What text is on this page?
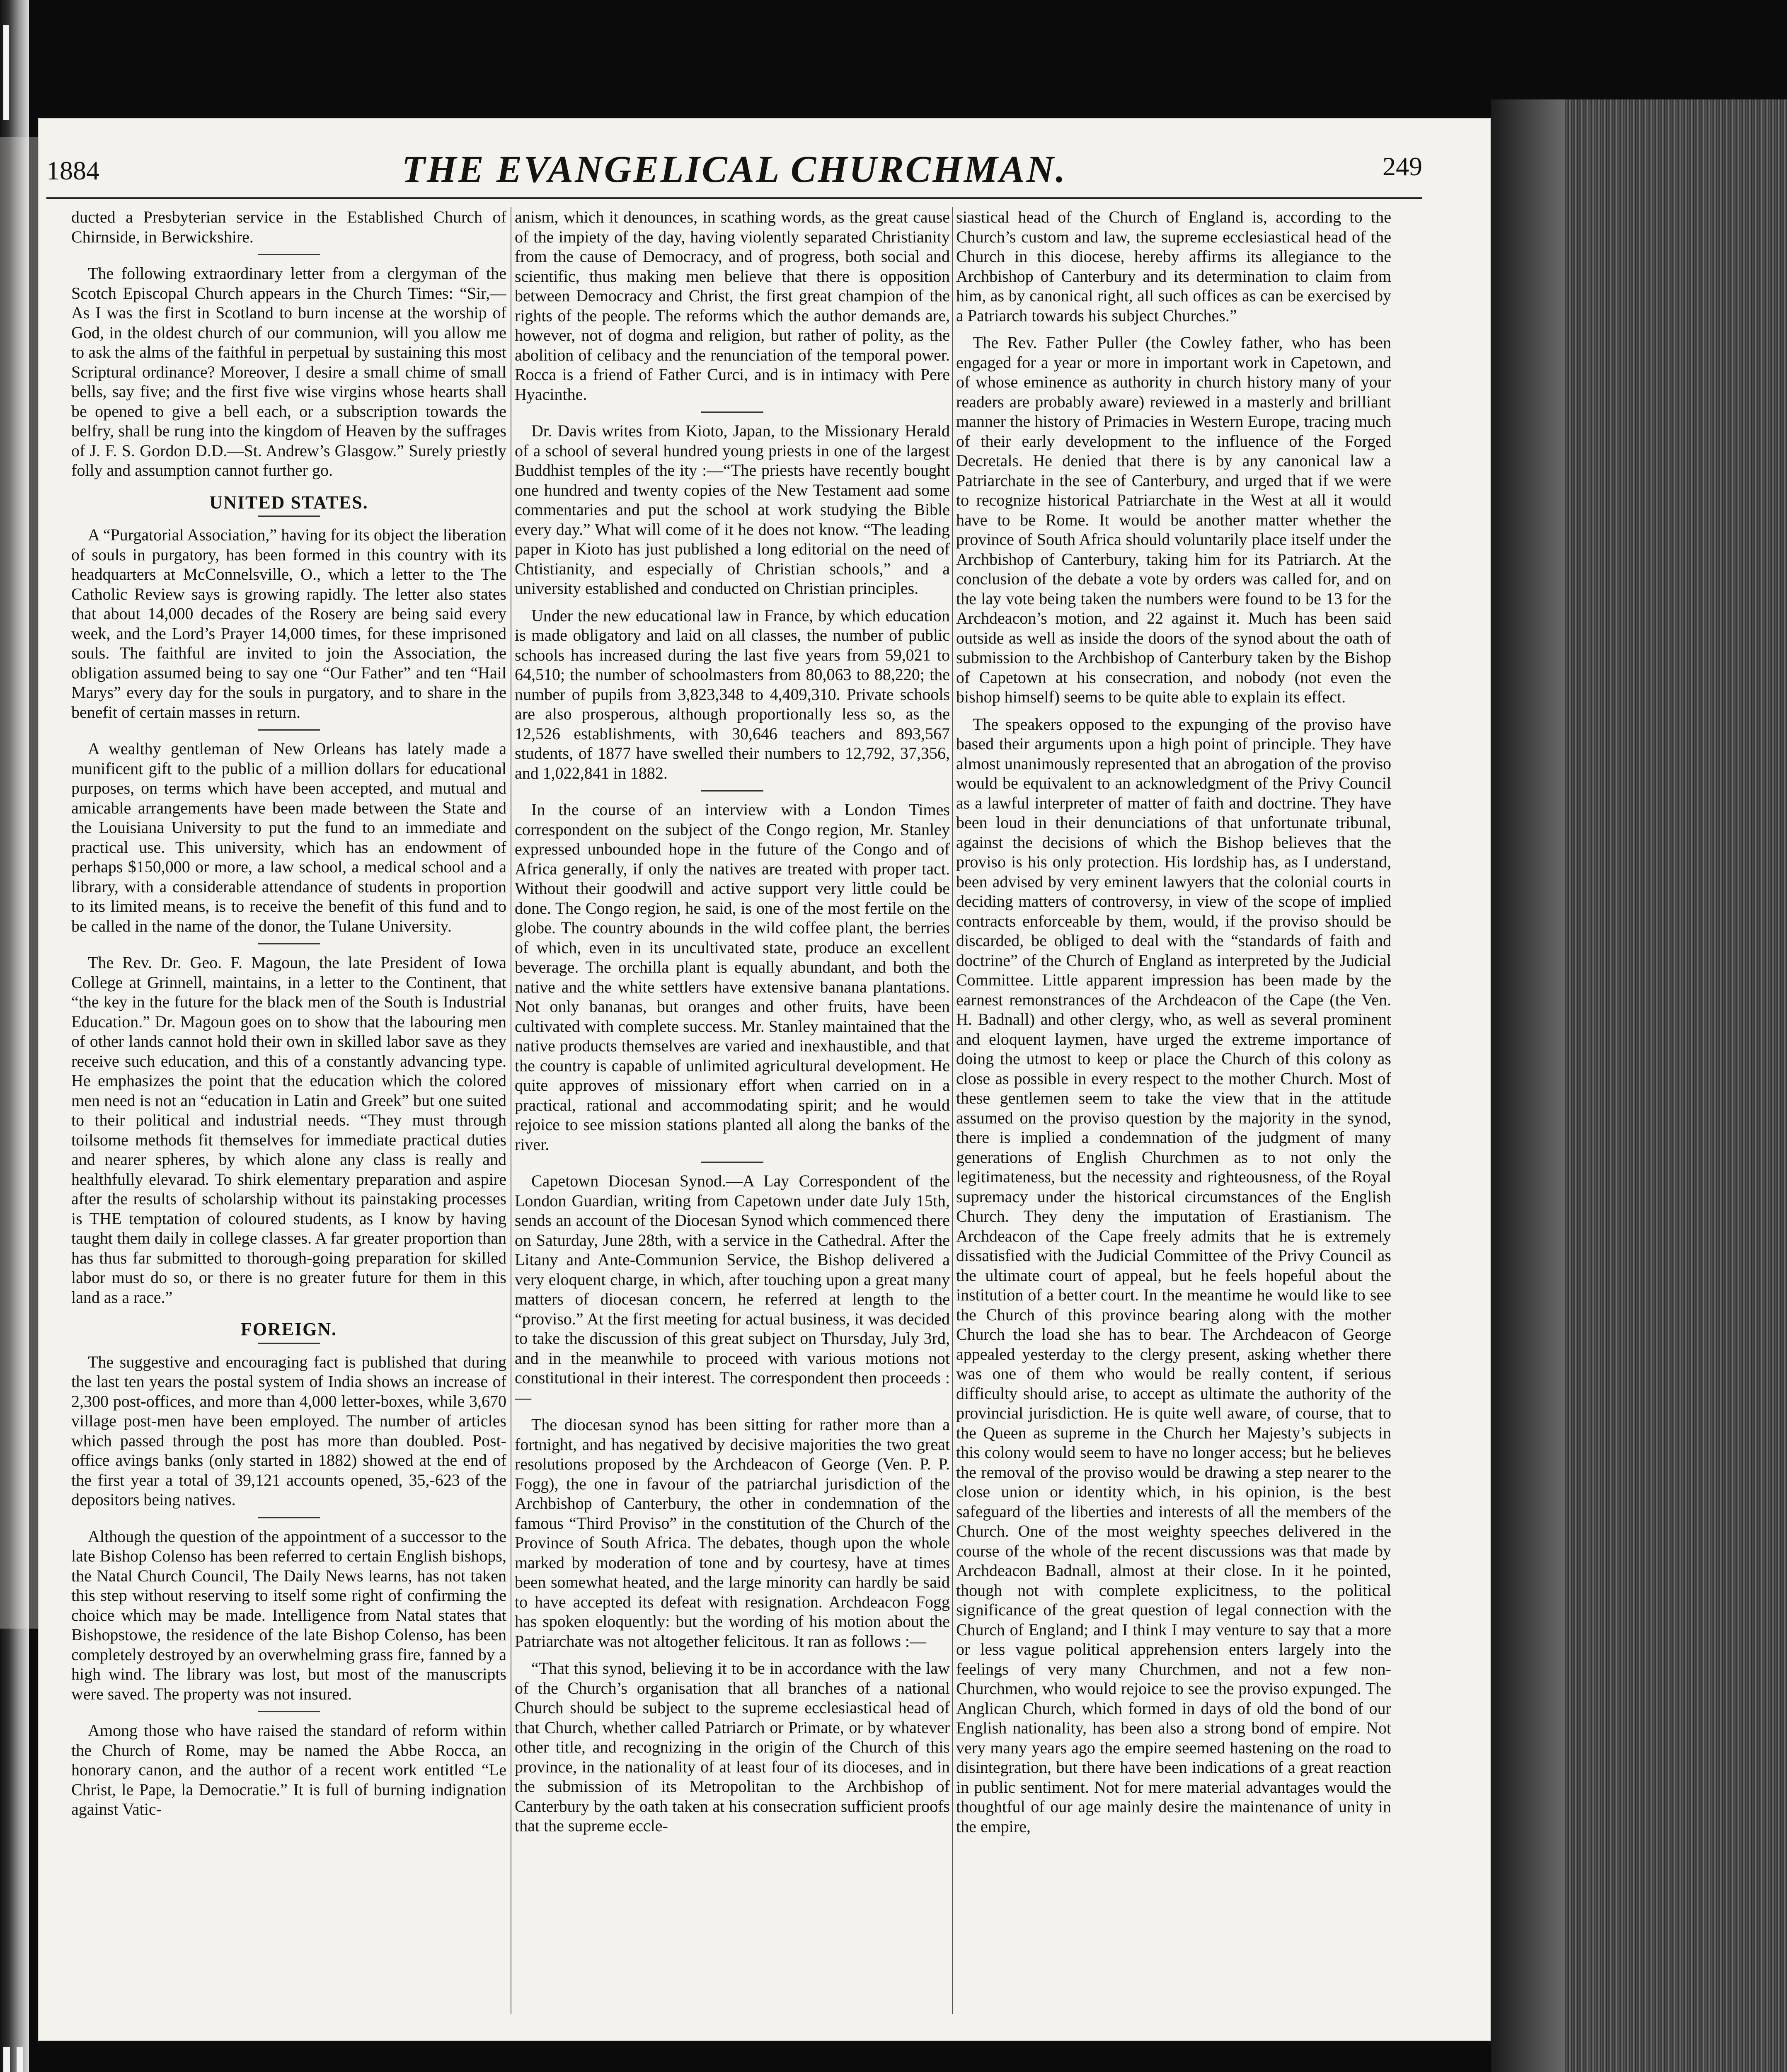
1884	THE EVANGELICAL CHURCHMAN.	249

ducted a Presbyterian service in the Established Church of Chirnside, in Berwickshire.

The following extraordinary letter from a clergyman of the Scotch Episcopal Church appears in the Church Times: “Sir,—As I was the first in Scotland to burn incense at the worship of God, in the oldest church of our communion, will you allow me to ask the alms of the faithful in perpetual by sustaining this most Scriptural ordinance? Moreover, I desire a small chime of small bells, say five; and the first five wise virgins whose hearts shall be opened to give a bell each, or a subscription towards the belfry, shall be rung into the kingdom of Heaven by the suffrages of J. F. S. Gordon D.D.—St. Andrew’s Glasgow.” Surely priestly folly and assumption cannot further go.

UNITED STATES.

A “Purgatorial Association,” having for its object the liberation of souls in purgatory, has been formed in this country with its headquarters at McConnelsville, O., which a letter to the The Catholic Review says is growing rapidly. The letter also states that about 14,000 decades of the Rosery are being said every week, and the Lord’s Prayer 14,000 times, for these imprisoned souls. The faithful are invited to join the Association, the obligation assumed being to say one “Our Father” and ten “Hail Marys” every day for the souls in purgatory, and to share in the benefit of certain masses in return.

A wealthy gentleman of New Orleans has lately made a munificent gift to the public of a million dollars for educational purposes, on terms which have been accepted, and mutual and amicable arrangements have been made between the State and the Louisiana University to put the fund to an immediate and practical use. This university, which has an endowment of perhaps $150,000 or more, a law school, a medical school and a library, with a considerable attendance of students in proportion to its limited means, is to receive the benefit of this fund and to be called in the name of the donor, the Tulane University.

The Rev. Dr. Geo. F. Magoun, the late President of Iowa College at Grinnell, maintains, in a letter to the Continent, that “the key in the future for the black men of the South is Industrial Education.” Dr. Magoun goes on to show that the labouring men of other lands cannot hold their own in skilled labor save as they receive such education, and this of a constantly advancing type. He emphasizes the point that the education which the colored men need is not an “education in Latin and Greek” but one suited to their political and industrial needs. “They must through toilsome methods fit themselves for immediate practical duties and nearer spheres, by which alone any class is really and healthfully elevarad. To shirk elementary preparation and aspire after the results of scholarship without its painstaking processes is THE temptation of coloured students, as I know by having taught them daily in college classes. A far greater proportion than has thus far submitted to thorough-going preparation for skilled labor must do so, or there is no greater future for them in this land as a race.”

FOREIGN.

The suggestive and encouraging fact is published that during the last ten years the postal system of India shows an increase of 2,300 post-offices, and more than 4,000 letter-boxes, while 3,670 village post-men have been employed. The number of articles which passed through the post has more than doubled. Post-office avings banks (only started in 1882) showed at the end of the first year a total of 39,121 accounts opened, 35,-623 of the depositors being natives.

Although the question of the appointment of a successor to the late Bishop Colenso has been referred to certain English bishops, the Natal Church Council, The Daily News learns, has not taken this step without reserving to itself some right of confirming the choice which may be made. Intelligence from Natal states that Bishopstowe, the residence of the late Bishop Colenso, has been completely destroyed by an overwhelming grass fire, fanned by a high wind. The library was lost, but most of the manuscripts were saved. The property was not insured.

Among those who have raised the standard of reform within the Church of Rome, may be named the Abbe Rocca, an honorary canon, and the author of a recent work entitled “Le Christ, le Pape, la Democratie.” It is full of burning indignation against Vatic-

anism, which it denounces, in scathing words, as the great cause of the impiety of the day, having violently separated Christianity from the cause of Democracy, and of progress, both social and scientific, thus making men believe that there is opposition between Democracy and Christ, the first great champion of the rights of the people. The reforms which the author demands are, however, not of dogma and religion, but rather of polity, as the abolition of celibacy and the renunciation of the temporal power. Rocca is a friend of Father Curci, and is in intimacy with Pere Hyacinthe.

Dr. Davis writes from Kioto, Japan, to the Missionary Herald of a school of several hundred young priests in one of the largest Buddhist temples of the ity :—“The priests have recently bought one hundred and twenty copies of the New Testament aad some commentaries and put the school at work studying the Bible every day.” What will come of it he does not know. “The leading paper in Kioto has just published a long editorial on the need of Chtistianity, and especially of Christian schools,” and a university established and conducted on Christian principles.

Under the new educational law in France, by which education is made obligatory and laid on all classes, the number of public schools has increased during the last five years from 59,021 to 64,510; the number of schoolmasters from 80,063 to 88,220; the number of pupils from 3,823,348 to 4,409,310. Private schools are also prosperous, although proportionally less so, as the 12,526 establishments, with 30,646 teachers and 893,567 students, of 1877 have swelled their numbers to 12,792, 37,356, and 1,022,841 in 1882.

In the course of an interview with a London Times correspondent on the subject of the Congo region, Mr. Stanley expressed unbounded hope in the future of the Congo and of Africa generally, if only the natives are treated with proper tact. Without their goodwill and active support very little could be done. The Congo region, he said, is one of the most fertile on the globe. The country abounds in the wild coffee plant, the berries of which, even in its uncultivated state, produce an excellent beverage. The orchilla plant is equally abundant, and both the native and the white settlers have extensive banana plantations. Not only bananas, but oranges and other fruits, have been cultivated with complete success. Mr. Stanley maintained that the native products themselves are varied and inexhaustible, and that the country is capable of unlimited agricultural development. He quite approves of missionary effort when carried on in a practical, rational and accommodating spirit; and he would rejoice to see mission stations planted all along the banks of the river.

Capetown Diocesan Synod.—A Lay Correspondent of the London Guardian, writing from Capetown under date July 15th, sends an account of the Diocesan Synod which commenced there on Saturday, June 28th, with a service in the Cathedral. After the Litany and Ante-Communion Service, the Bishop delivered a very eloquent charge, in which, after touching upon a great many matters of diocesan concern, he referred at length to the “proviso.” At the first meeting for actual business, it was decided to take the discussion of this great subject on Thursday, July 3rd, and in the meanwhile to proceed with various motions not constitutional in their interest. The correspondent then proceeds :—

The diocesan synod has been sitting for rather more than a fortnight, and has negatived by decisive majorities the two great resolutions proposed by the Archdeacon of George (Ven. P. P. Fogg), the one in favour of the patriarchal jurisdiction of the Archbishop of Canterbury, the other in condemnation of the famous “Third Proviso” in the constitution of the Church of the Province of South Africa. The debates, though upon the whole marked by moderation of tone and by courtesy, have at times been somewhat heated, and the large minority can hardly be said to have accepted its defeat with resignation. Archdeacon Fogg has spoken eloquently: but the wording of his motion about the Patriarchate was not altogether felicitous. It ran as follows :—

“That this synod, believing it to be in accordance with the law of the Church’s organisation that all branches of a national Church should be subject to the supreme ecclesiastical head of that Church, whether called Patriarch or Primate, or by whatever other title, and recognizing in the origin of the Church of this province, in the nationality of at least four of its dioceses, and in the submission of its Metropolitan to the Archbishop of Canterbury by the oath taken at his consecration sufficient proofs that the supreme eccle-

siastical head of the Church of England is, according to the Church’s custom and law, the supreme ecclesiastical head of the Church in this diocese, hereby affirms its allegiance to the Archbishop of Canterbury and its determination to claim from him, as by canonical right, all such offices as can be exercised by a Patriarch towards his subject Churches.”

The Rev. Father Puller (the Cowley father, who has been engaged for a year or more in important work in Capetown, and of whose eminence as authority in church history many of your readers are probably aware) reviewed in a masterly and brilliant manner the history of Primacies in Western Europe, tracing much of their early development to the influence of the Forged Decretals. He denied that there is by any canonical law a Patriarchate in the see of Canterbury, and urged that if we were to recognize historical Patriarchate in the West at all it would have to be Rome. It would be another matter whether the province of South Africa should voluntarily place itself under the Archbishop of Canterbury, taking him for its Patriarch. At the conclusion of the debate a vote by orders was called for, and on the lay vote being taken the numbers were found to be 13 for the Archdeacon’s motion, and 22 against it. Much has been said outside as well as inside the doors of the synod about the oath of submission to the Archbishop of Canterbury taken by the Bishop of Capetown at his consecration, and nobody (not even the bishop himself) seems to be quite able to explain its effect.

The speakers opposed to the expunging of the proviso have based their arguments upon a high point of principle. They have almost unanimously represented that an abrogation of the proviso would be equivalent to an acknowledgment of the Privy Council as a lawful interpreter of matter of faith and doctrine. They have been loud in their denunciations of that unfortunate tribunal, against the decisions of which the Bishop believes that the proviso is his only protection. His lordship has, as I understand, been advised by very eminent lawyers that the colonial courts in deciding matters of controversy, in view of the scope of implied contracts enforceable by them, would, if the proviso should be discarded, be obliged to deal with the “standards of faith and doctrine” of the Church of England as interpreted by the Judicial Committee. Little apparent impression has been made by the earnest remonstrances of the Archdeacon of the Cape (the Ven. H. Badnall) and other clergy, who, as well as several prominent and eloquent laymen, have urged the extreme importance of doing the utmost to keep or place the Church of this colony as close as possible in every respect to the mother Church. Most of these gentlemen seem to take the view that in the attitude assumed on the proviso question by the majority in the synod, there is implied a condemnation of the judgment of many generations of English Churchmen as to not only the legitimateness, but the necessity and righteousness, of the Royal supremacy under the historical circumstances of the English Church. They deny the imputation of Erastianism. The Archdeacon of the Cape freely admits that he is extremely dissatisfied with the Judicial Committee of the Privy Council as the ultimate court of appeal, but he feels hopeful about the institution of a better court. In the meantime he would like to see the Church of this province bearing along with the mother Church the load she has to bear. The Archdeacon of George appealed yesterday to the clergy present, asking whether there was one of them who would be really content, if serious difficulty should arise, to accept as ultimate the authority of the provincial jurisdiction. He is quite well aware, of course, that to the Queen as supreme in the Church her Majesty’s subjects in this colony would seem to have no longer access; but he believes the removal of the proviso would be drawing a step nearer to the close union or identity which, in his opinion, is the best safeguard of the liberties and interests of all the members of the Church. One of the most weighty speeches delivered in the course of the whole of the recent discussions was that made by Archdeacon Badnall, almost at their close. In it he pointed, though not with complete explicitness, to the political significance of the great question of legal connection with the Church of England; and I think I may venture to say that a more or less vague political apprehension enters largely into the feelings of very many Churchmen, and not a few non-Churchmen, who would rejoice to see the proviso expunged. The Anglican Church, which formed in days of old the bond of our English nationality, has been also a strong bond of empire. Not very many years ago the empire seemed hastening on the road to disintegration, but there have been indications of a great reaction in public sentiment. Not for mere material advantages would the thoughtful of our age mainly desire the maintenance of unity in the empire,
